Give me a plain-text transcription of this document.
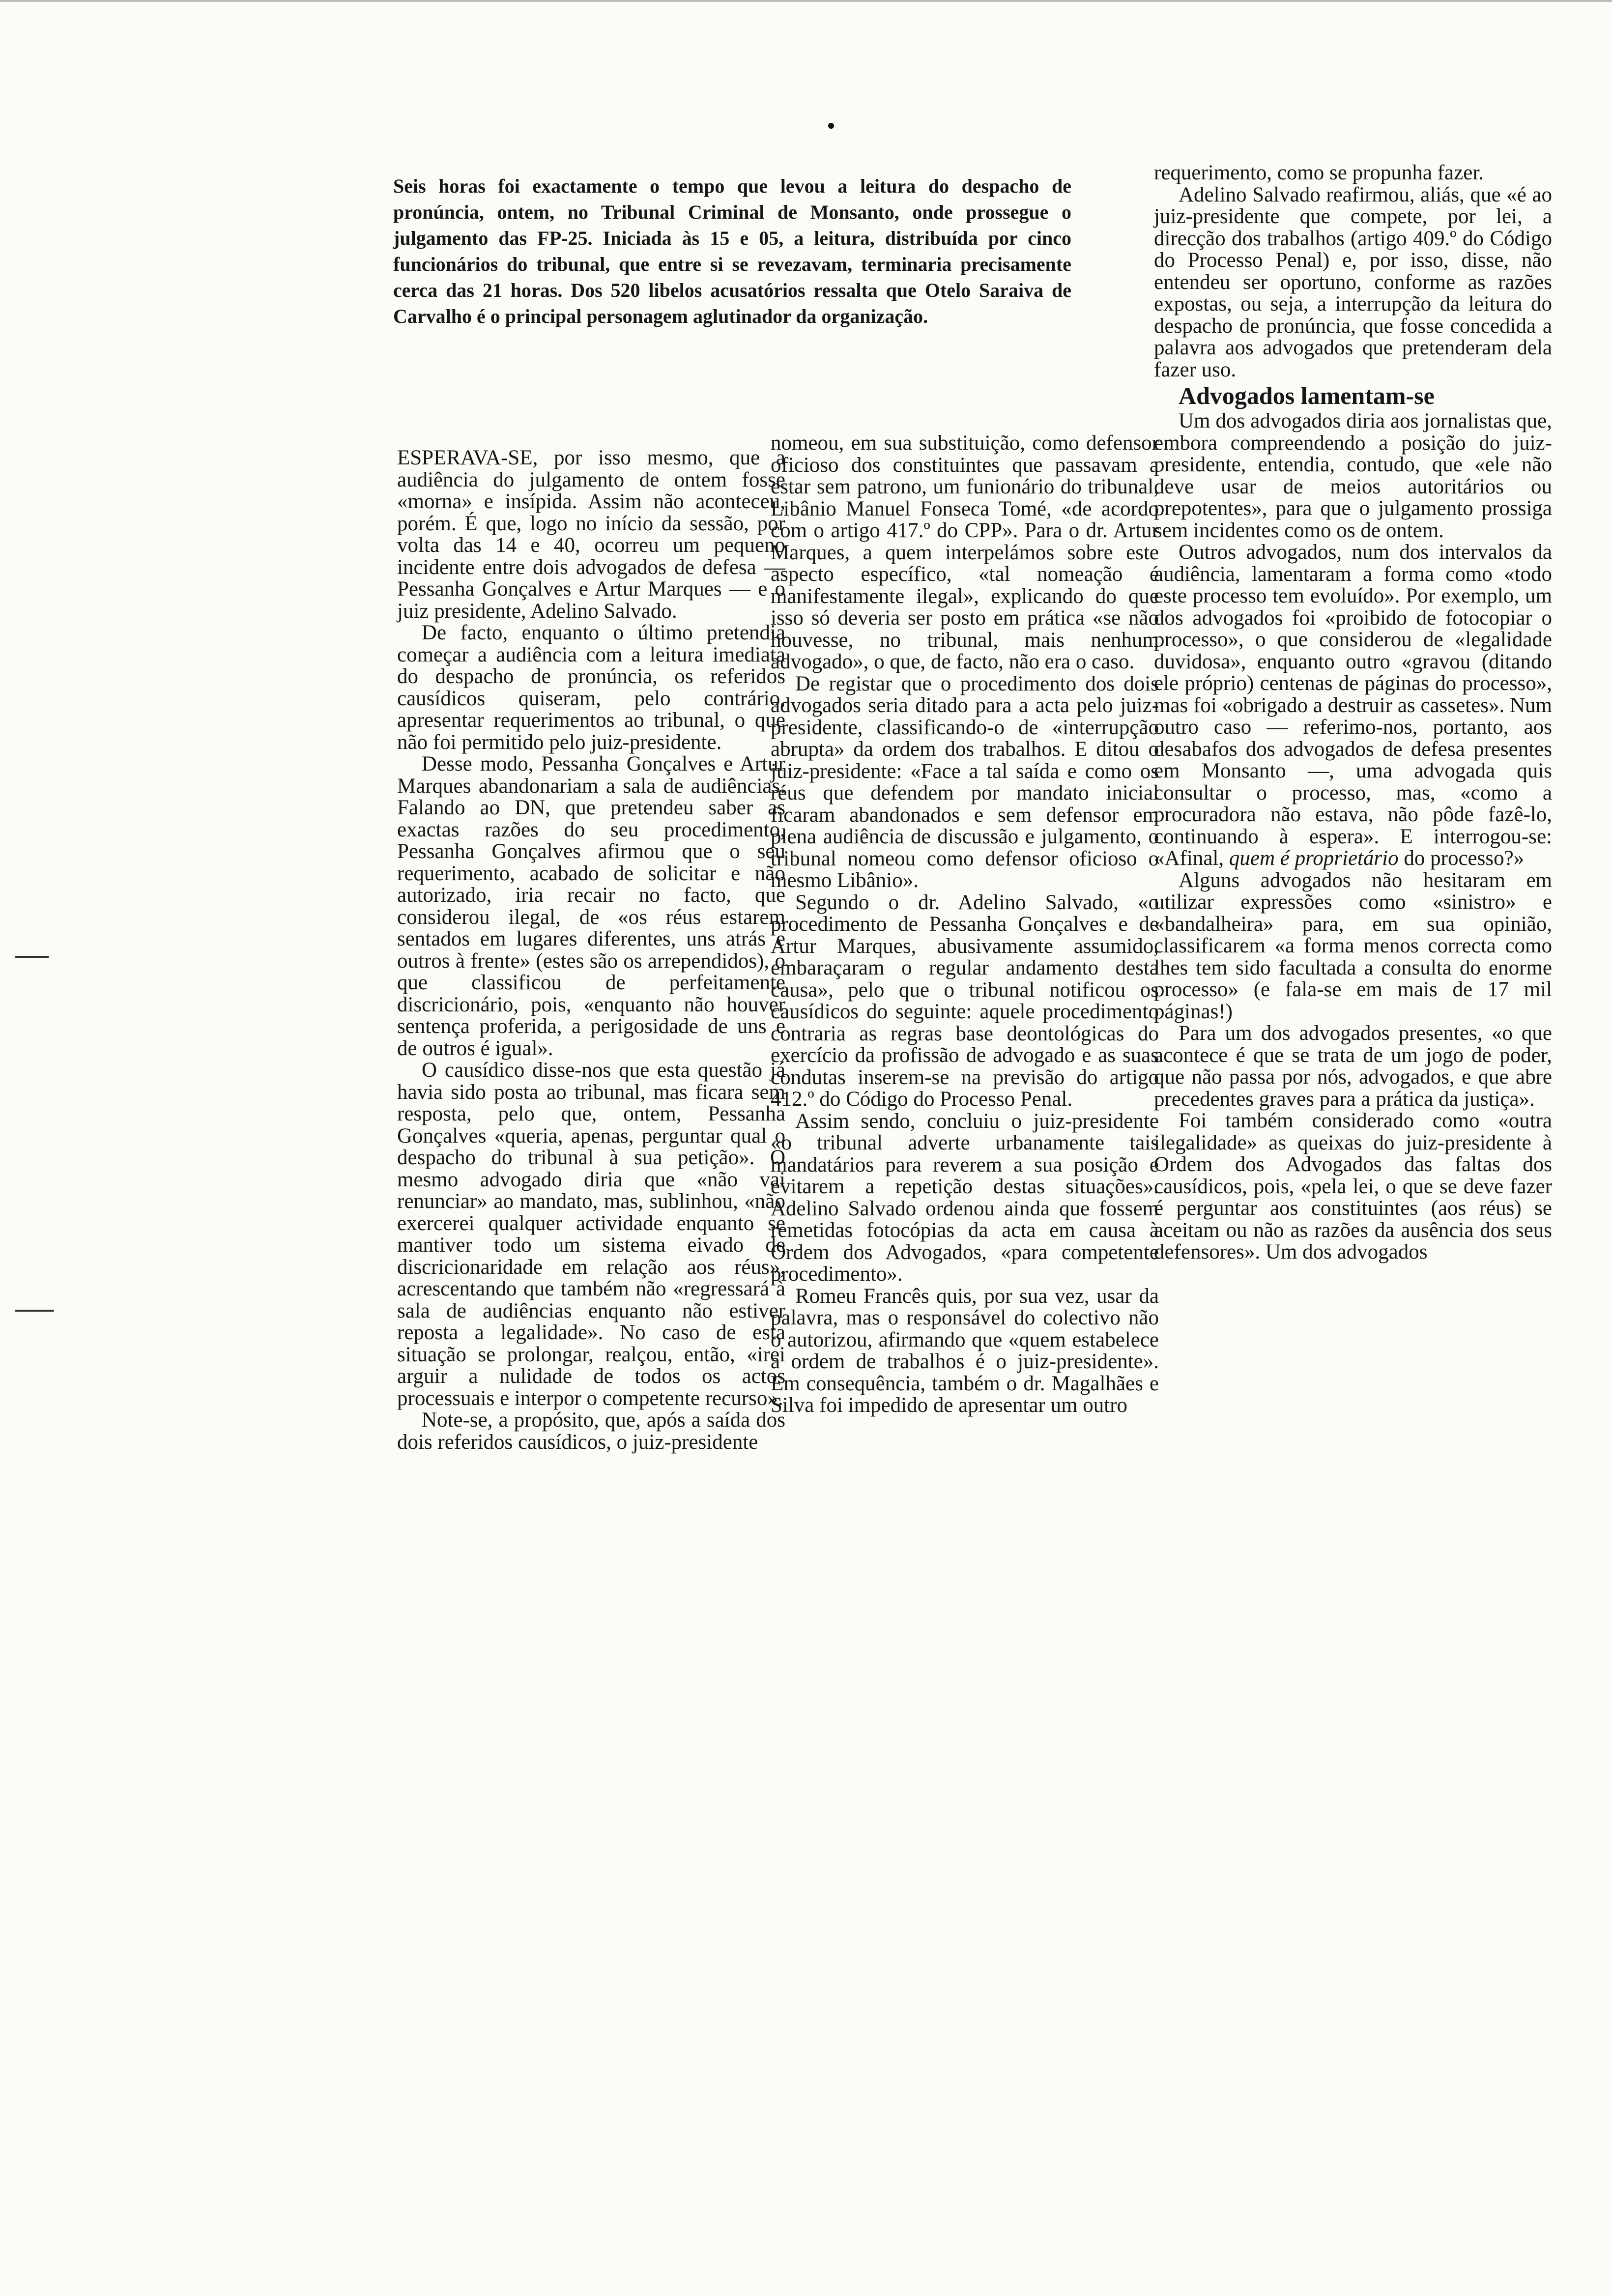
Seis horas foi exactamente o tempo que levou a leitura do despacho de pronúncia, ontem, no Tribunal Criminal de Monsanto, onde prossegue o julgamento das FP-25. Iniciada às 15 e 05, a leitura, distribuída por cinco funcionários do tribunal, que entre si se revezavam, terminaria precisamente cerca das 21 horas. Dos 520 libelos acusatórios ressalta que Otelo Saraiva de Carvalho é o principal personagem aglutinador da organização.

ESPERAVA-SE, por isso mesmo, que a audiência do julgamento de ontem fosse «morna» e insípida. Assim não aconteceu, porém. É que, logo no início da sessão, por volta das 14 e 40, ocorreu um pequeno incidente entre dois advogados de defesa — Pessanha Gonçalves e Artur Marques — e o juiz presidente, Adelino Salvado.

De facto, enquanto o último pretendia começar a audiência com a leitura imediata do despacho de pronúncia, os referidos causídicos quiseram, pelo contrário, apresentar requerimentos ao tribunal, o que não foi permitido pelo juiz-presidente.

Desse modo, Pessanha Gonçalves e Artur Marques abandonariam a sala de audiências. Falando ao DN, que pretendeu saber as exactas razões do seu procedimento, Pessanha Gonçalves afirmou que o seu requerimento, acabado de solicitar e não autorizado, iria recair no facto, que considerou ilegal, de «os réus estarem sentados em lugares diferentes, uns atrás e outros à frente» (estes são os arrependidos), o que classificou de perfeitamente discricionário, pois, «enquanto não houver sentença proferida, a perigosidade de uns e de outros é igual».

O causídico disse-nos que esta questão já havia sido posta ao tribunal, mas ficara sem resposta, pelo que, ontem, Pessanha Gonçalves «queria, apenas, perguntar qual o despacho do tribunal à sua petição». O mesmo advogado diria que «não vai renunciar» ao mandato, mas, sublinhou, «não exercerei qualquer actividade enquanto se mantiver todo um sistema eivado de discricionaridade em relação aos réus», acrescentando que também não «regressará à sala de audiências enquanto não estiver reposta a legalidade». No caso de esta situação se prolongar, realçou, então, «irei arguir a nulidade de todos os actos processuais e interpor o competente recurso».

Note-se, a propósito, que, após a saída dos dois referidos causídicos, o juiz-presidente

nomeou, em sua substituição, como defensor oficioso dos constituintes que passavam a estar sem patrono, um funionário do tribunal, Libânio Manuel Fonseca Tomé, «de acordo com o artigo 417.º do CPP». Para o dr. Artur Marques, a quem interpelámos sobre este aspecto específico, «tal nomeação é manifestamente ilegal», explicando do que isso só deveria ser posto em prática «se não houvesse, no tribunal, mais nenhum advogado», o que, de facto, não era o caso.

De registar que o procedimento dos dois advogados seria ditado para a acta pelo juiz-presidente, classificando-o de «interrupção abrupta» da ordem dos trabalhos. E ditou o juiz-presidente: «Face a tal saída e como os réus que defendem por mandato inicial ficaram abandonados e sem defensor em plena audiência de discussão e julgamento, o tribunal nomeou como defensor oficioso o mesmo Libânio».

Segundo o dr. Adelino Salvado, «o procedimento de Pessanha Gonçalves e de Artur Marques, abusivamente assumido, embaraçaram o regular andamento desta causa», pelo que o tribunal notificou os causídicos do seguinte: aquele procedimento contraria as regras base deontológicas do exercício da profissão de advogado e as suas condutas inserem-se na previsão do artigo 412.º do Código do Processo Penal.

Assim sendo, concluiu o juiz-presidente «o tribunal adverte urbanamente tais mandatários para reverem a sua posição e evitarem a repetição destas situações». Adelino Salvado ordenou ainda que fossem remetidas fotocópias da acta em causa à Ordem dos Advogados, «para competente procedimento».

Romeu Francês quis, por sua vez, usar da palavra, mas o responsável do colectivo não o autorizou, afirmando que «quem estabelece a ordem de trabalhos é o juiz-presidente». Em consequência, também o dr. Magalhães e Silva foi impedido de apresentar um outro

requerimento, como se propunha fazer.

Adelino Salvado reafirmou, aliás, que «é ao juiz-presidente que compete, por lei, a direcção dos trabalhos (artigo 409.º do Código do Processo Penal) e, por isso, disse, não entendeu ser oportuno, conforme as razões expostas, ou seja, a interrupção da leitura do despacho de pronúncia, que fosse concedida a palavra aos advogados que pretenderam dela fazer uso.

Advogados lamentam-se

Um dos advogados diria aos jornalistas que, embora compreendendo a posição do juiz-presidente, entendia, contudo, que «ele não deve usar de meios autoritários ou prepotentes», para que o julgamento prossiga sem incidentes como os de ontem.

Outros advogados, num dos intervalos da audiência, lamentaram a forma como «todo este processo tem evoluído». Por exemplo, um dos advogados foi «proibido de fotocopiar o processo», o que considerou de «legalidade duvidosa», enquanto outro «gravou (ditando ele próprio) centenas de páginas do processo», mas foi «obrigado a destruir as cassetes». Num outro caso — referimo-nos, portanto, aos desabafos dos advogados de defesa presentes em Monsanto —, uma advogada quis consultar o processo, mas, «como a procuradora não estava, não pôde fazê-lo, continuando à espera». E interrogou-se: «Afinal, quem é proprietário do processo?»

Alguns advogados não hesitaram em utilizar expressões como «sinistro» e «bandalheira» para, em sua opinião, classificarem «a forma menos correcta como lhes tem sido facultada a consulta do enorme processo» (e fala-se em mais de 17 mil páginas!)

Para um dos advogados presentes, «o que acontece é que se trata de um jogo de poder, que não passa por nós, advogados, e que abre precedentes graves para a prática da justiça».

Foi também considerado como «outra ilegalidade» as queixas do juiz-presidente à Ordem dos Advogados das faltas dos causídicos, pois, «pela lei, o que se deve fazer é perguntar aos constituintes (aos réus) se aceitam ou não as razões da ausência dos seus defensores». Um dos advogados
